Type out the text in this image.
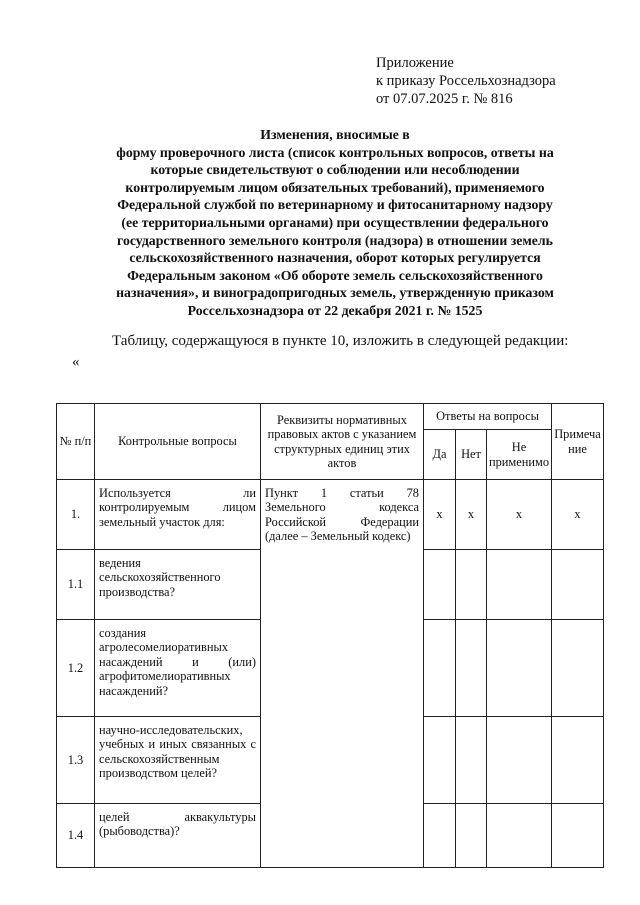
Приложение
к приказу Россельхознадзора
от 07.07.2025 г. № 816
Изменения, вносимые в
форму проверочного листа (список контрольных вопросов, ответы на
которые свидетельствуют о соблюдении или несоблюдении
контролируемым лицом обязательных требований), применяемого
Федеральной службой по ветеринарному и фитосанитарному надзору
(ее территориальными органами) при осуществлении федерального
государственного земельного контроля (надзора) в отношении земель
сельскохозяйственного назначения, оборот которых регулируется
Федеральным законом «Об обороте земель сельскохозяйственного
назначения», и виноградопригодных земель, утвержденную приказом
Россельхознадзора от 22 декабря 2021 г. № 1525
Таблицу, содержащуюся в пункте 10, изложить в следующей редакции:
«
№ п/п	Контрольные вопросы	Реквизиты нормативных правовых актов с указанием структурных единиц этих актов	Ответы на вопросы			Примечание
			Да	Нет	Не применимо	
1.	Используется ли контролируемым лицом земельный участок для:	Пункт 1 статьи 78 Земельного кодекса Российской Федерации (далее – Земельный кодекс)	х	х	х	х
1.1	ведения сельскохозяйственного производства?					
1.2	создания агролесомелиоративных насаждений и (или) агрофитомелиоративных насаждений?					
1.3	научно-исследовательских, учебных и иных связанных с сельскохозяйственным производством целей?					
1.4	целей аквакультуры (рыбоводства)?					
